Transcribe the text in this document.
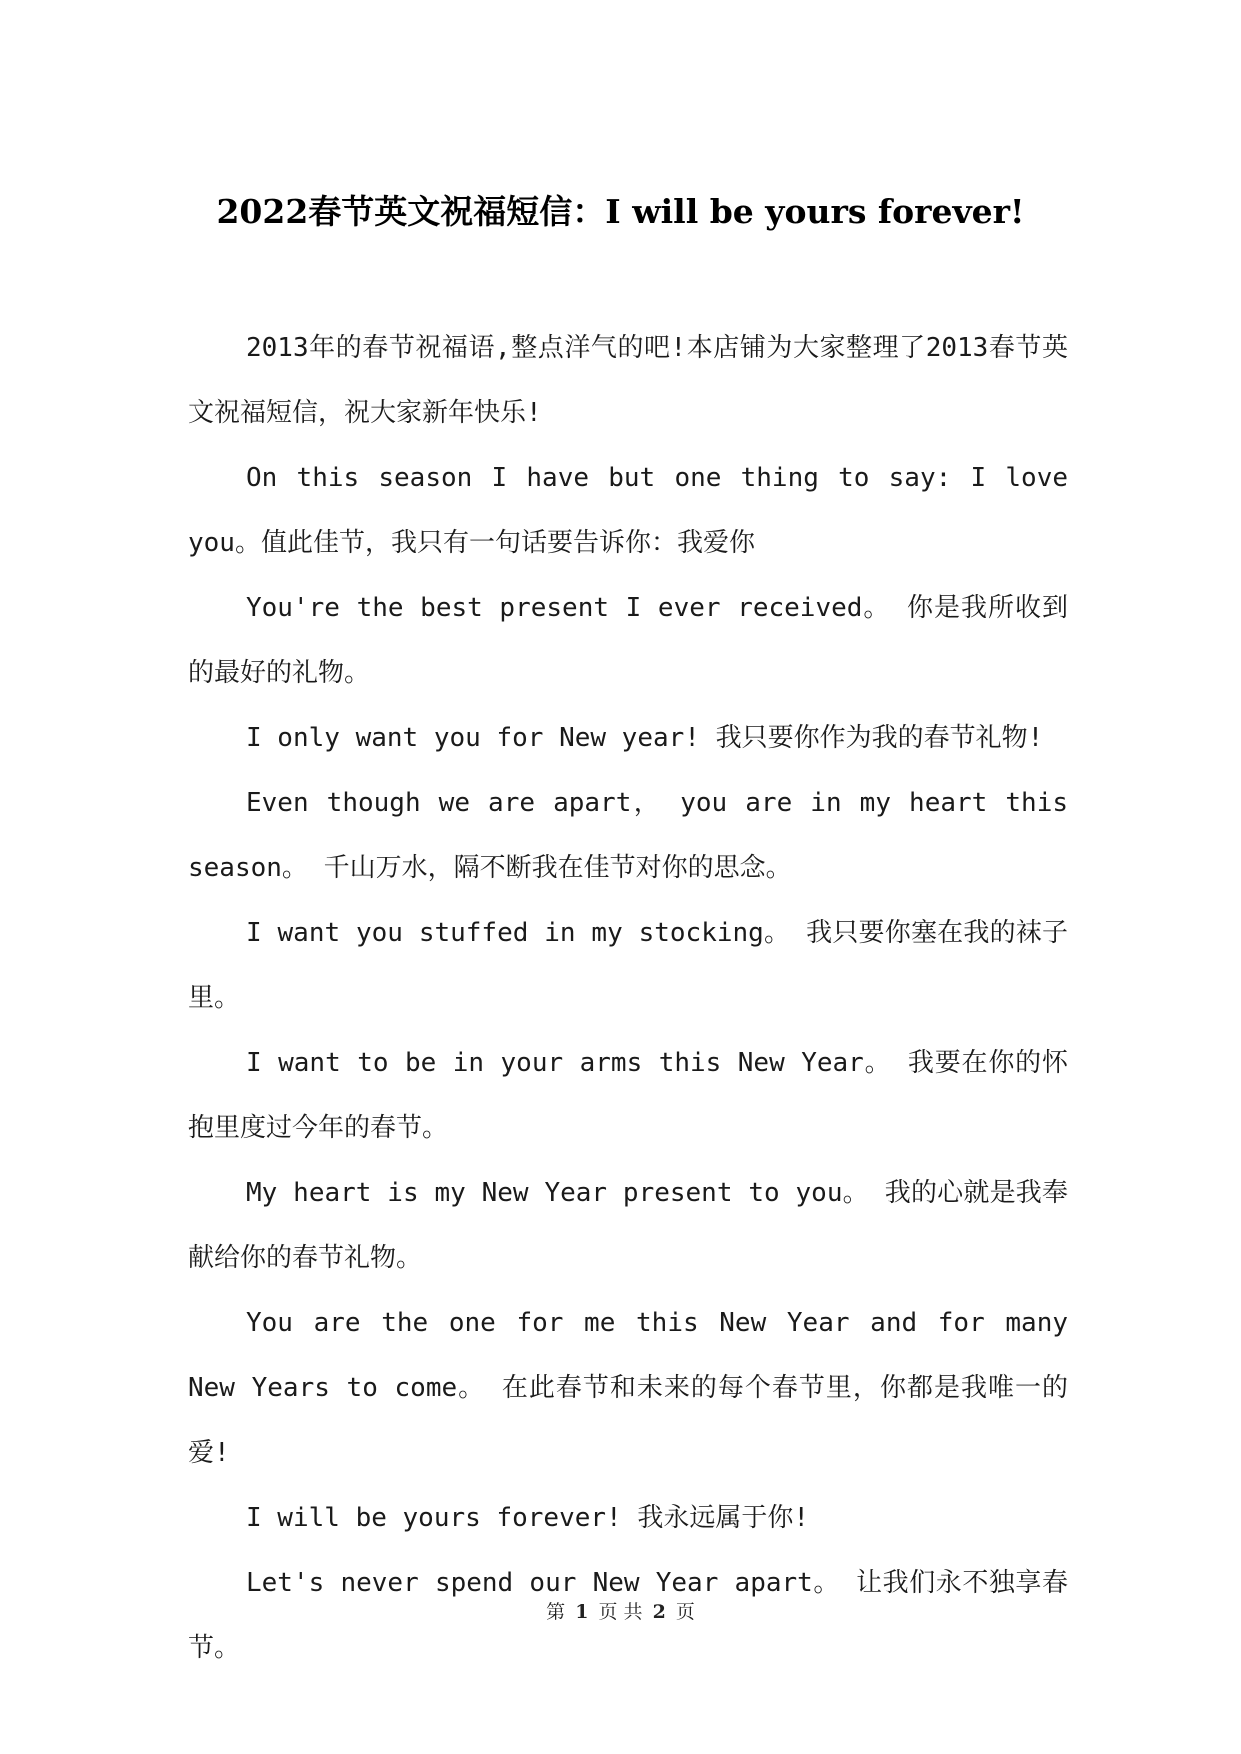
2022春节英文祝福短信：I will be yours forever!

2013年的春节祝福语,整点洋气的吧!本店铺为大家整理了2013春节英文祝福短信，祝大家新年快乐!

On this season I have but one thing to say: I love you。值此佳节，我只有一句话要告诉你：我爱你

You're the best present I ever received。 你是我所收到的最好的礼物。

I only want you for New year! 我只要你作为我的春节礼物!

Even though we are apart， you are in my heart this season。 千山万水，隔不断我在佳节对你的思念。

I want you stuffed in my stocking。 我只要你塞在我的袜子里。

I want to be in your arms this New Year。 我要在你的怀抱里度过今年的春节。

My heart is my New Year present to you。 我的心就是我奉献给你的春节礼物。

You are the one for me this New Year and for many New Years to come。 在此春节和未来的每个春节里，你都是我唯一的爱!

I will be yours forever! 我永远属于你!

Let's never spend our New Year apart。 让我们永不独享春节。

第 1 页 共 2 页
